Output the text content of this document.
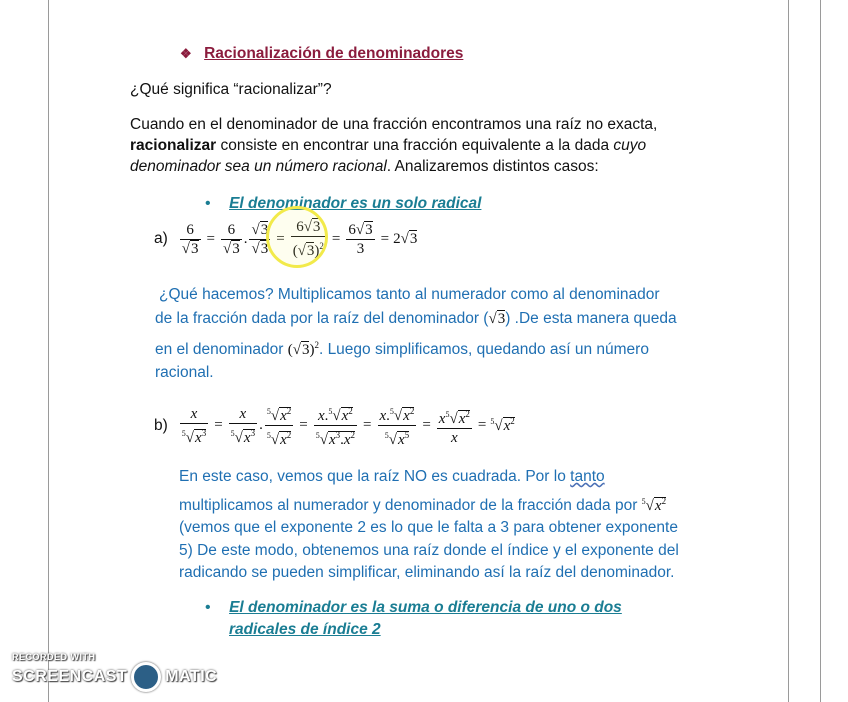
❖ Racionalización de denominadores
¿Qué significa “racionalizar”?
Cuando en el denominador de una fracción encontramos una raíz no exacta,
racionalizar consiste en encontrar una fracción equivalente a la dada cuyo
denominador sea un número racional. Analizaremos distintos casos:
• El denominador es un solo radical
$a) \frac{6}{√3} = \frac{6}{√3}$ . $\frac{√3}{√3} = \frac{6√3}{(√3)^2} = \frac{6√3}{3} = 2√3$
¿Qué hacemos? Multiplicamos tanto al numerador como al denominador
de la fracción dada por la raíz del denominador (√3) .De esta manera queda
en el denominador $(√3)^2$. Luego simplificamos, quedando así un número
racional.
$b) \frac{x}{^5√x^3} = \frac{x}{^5√x^3}$ . $\frac{^5√x^2}{^5√x^2} = \frac{x.^5√x^2}{^5√x^3.x^2} = \frac{x.^5√x^2}{^5√x^5} = \frac{x^5√x^2}{x} = ^5√x^2$
En este caso, vemos que la raíz NO es cuadrada. Por lo tanto
multiplicamos al numerador y denominador de la fracción dada por $^5√x^2$
(vemos que el exponente 2 es lo que le falta a 3 para obtener exponente
5) De este modo, obtenemos una raíz donde el índice y el exponente del
radicando se pueden simplificar, eliminando así la raíz del denominador.
• El denominador es la suma o diferencia de uno o dos
radicales de índice 2
RECORDED WITH
SCREENCAST MATIC
